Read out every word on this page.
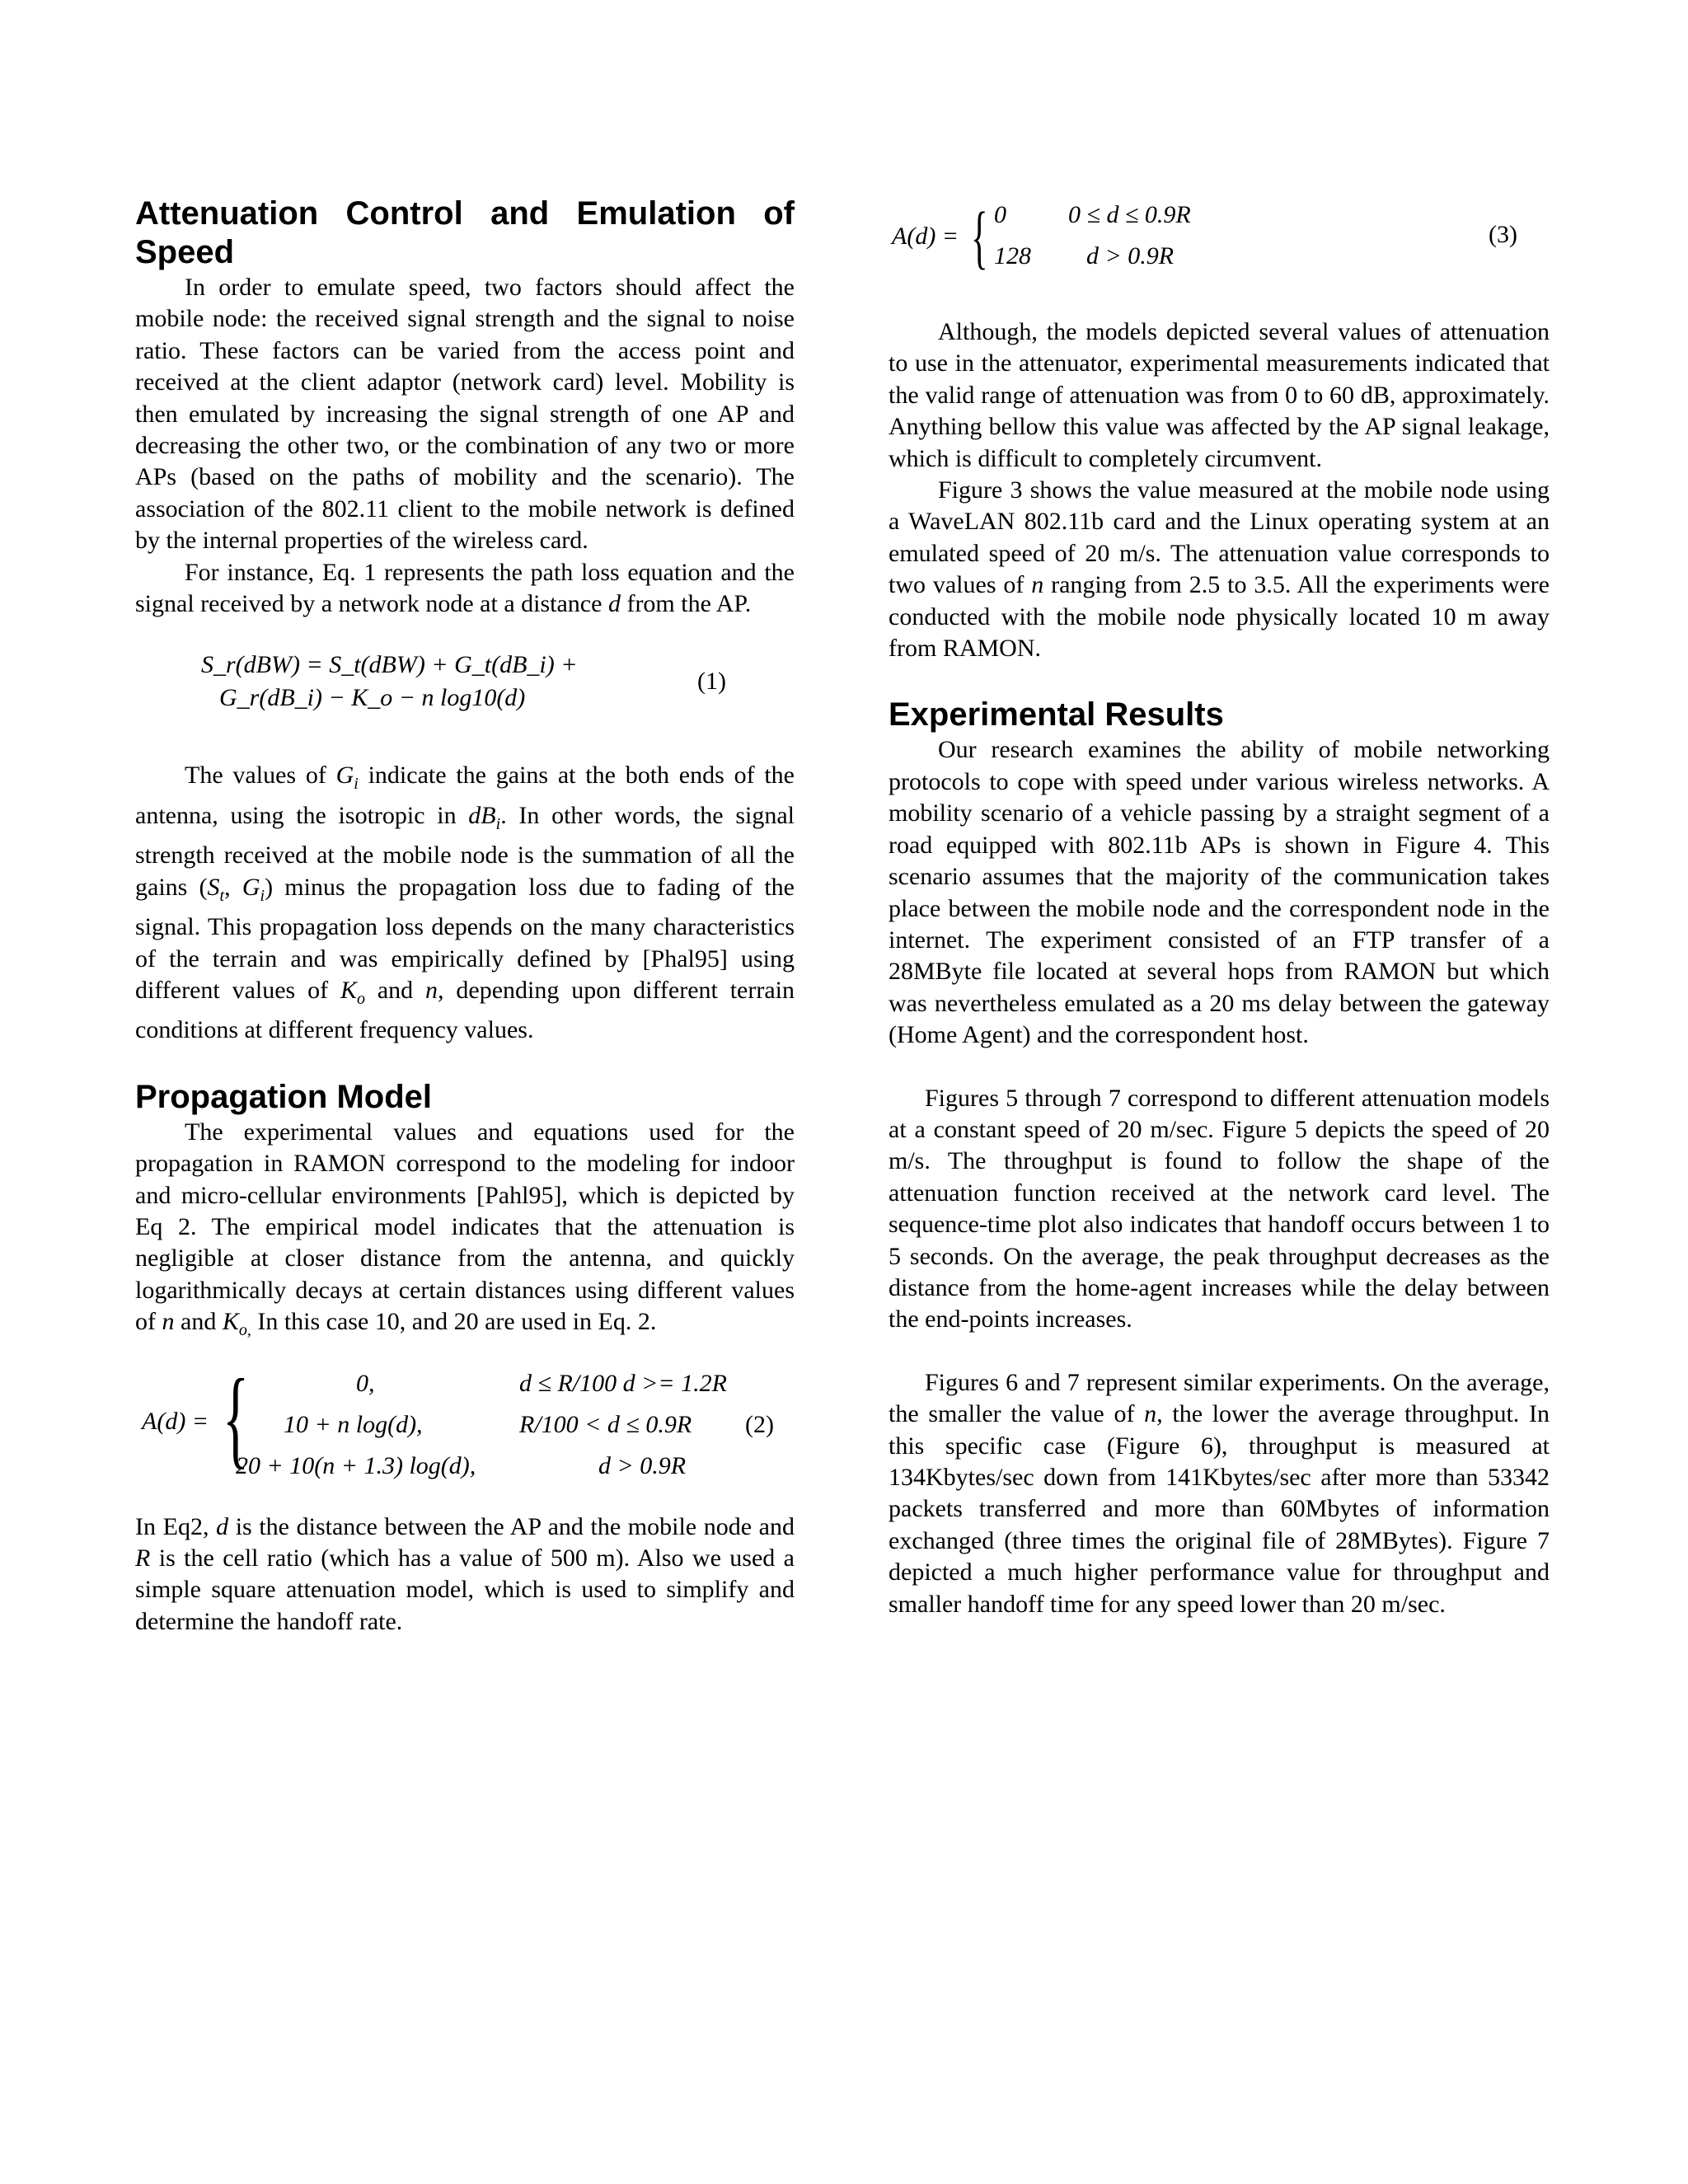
Attenuation Control and Emulation of Speed

In order to emulate speed, two factors should affect the mobile node: the received signal strength and the signal to noise ratio. These factors can be varied from the access point and received at the client adaptor (network card) level. Mobility is then emulated by increasing the signal strength of one AP and decreasing the other two, or the combination of any two or more APs (based on the paths of mobility and the scenario). The association of the 802.11 client to the mobile network is defined by the internal properties of the wireless card.

For instance, Eq. 1 represents the path loss equation and the signal received by a network node at a distance d from the AP.

S_r(dBW) = S_t(dBW) + G_t(dB_i) +
G_r(dB_i) − K_o − n log10(d)
(1)

The values of $G_i$ indicate the gains at the both ends of the antenna, using the isotropic in $dB_i$. In other words, the signal strength received at the mobile node is the summation of all the gains ($S_t$, $G_i$) minus the propagation loss due to fading of the signal. This propagation loss depends on the many characteristics of the terrain and was empirically defined by [Phal95] using different values of $K_o$ and n, depending upon different terrain conditions at different frequency values.

Propagation Model

The experimental values and equations used for the propagation in RAMON correspond to the modeling for indoor and micro-cellular environments [Pahl95], which is depicted by Eq 2. The empirical model indicates that the attenuation is negligible at closer distance from the antenna, and quickly logarithmically decays at certain distances using different values of n and $K_{o,}$ In this case 10, and 20 are used in Eq. 2.

A(d) = {	0,
10 + n log(d),
20 + 10(n + 1.3) log(d),
d ≤ R/100 d >= 1.2R
R/100 < d ≤ 0.9R
d > 0.9R
(2)

In Eq2, d is the distance between the AP and the mobile node and R is the cell ratio (which has a value of 500 m). Also we used a simple square attenuation model, which is used to simplify and determine the handoff rate.

A(d) = { 0	0 ≤ d ≤ 0.9R
128 d > 0.9R
(3)

Although, the models depicted several values of attenuation to use in the attenuator, experimental measurements indicated that the valid range of attenuation was from 0 to 60 dB, approximately. Anything bellow this value was affected by the AP signal leakage, which is difficult to completely circumvent.

Figure 3 shows the value measured at the mobile node using a WaveLAN 802.11b card and the Linux operating system at an emulated speed of 20 m/s. The attenuation value corresponds to two values of n ranging from 2.5 to 3.5. All the experiments were conducted with the mobile node physically located 10 m away from RAMON.

Experimental Results

Our research examines the ability of mobile networking protocols to cope with speed under various wireless networks. A mobility scenario of a vehicle passing by a straight segment of a road equipped with 802.11b APs is shown in Figure 4. This scenario assumes that the majority of the communication takes place between the mobile node and the correspondent node in the internet. The experiment consisted of an FTP transfer of a 28MByte file located at several hops from RAMON but which was nevertheless emulated as a 20 ms delay between the gateway (Home Agent) and the correspondent host.

Figures 5 through 7 correspond to different attenuation models at a constant speed of 20 m/sec. Figure 5 depicts the speed of 20 m/s. The throughput is found to follow the shape of the attenuation function received at the network card level. The sequence-time plot also indicates that handoff occurs between 1 to 5 seconds. On the average, the peak throughput decreases as the distance from the home-agent increases while the delay between the end-points increases.

Figures 6 and 7 represent similar experiments. On the average, the smaller the value of n, the lower the average throughput. In this specific case (Figure 6), throughput is measured at 134Kbytes/sec down from 141Kbytes/sec after more than 53342 packets transferred and more than 60Mbytes of information exchanged (three times the original file of 28MBytes). Figure 7 depicted a much higher performance value for throughput and smaller handoff time for any speed lower than 20 m/sec.
